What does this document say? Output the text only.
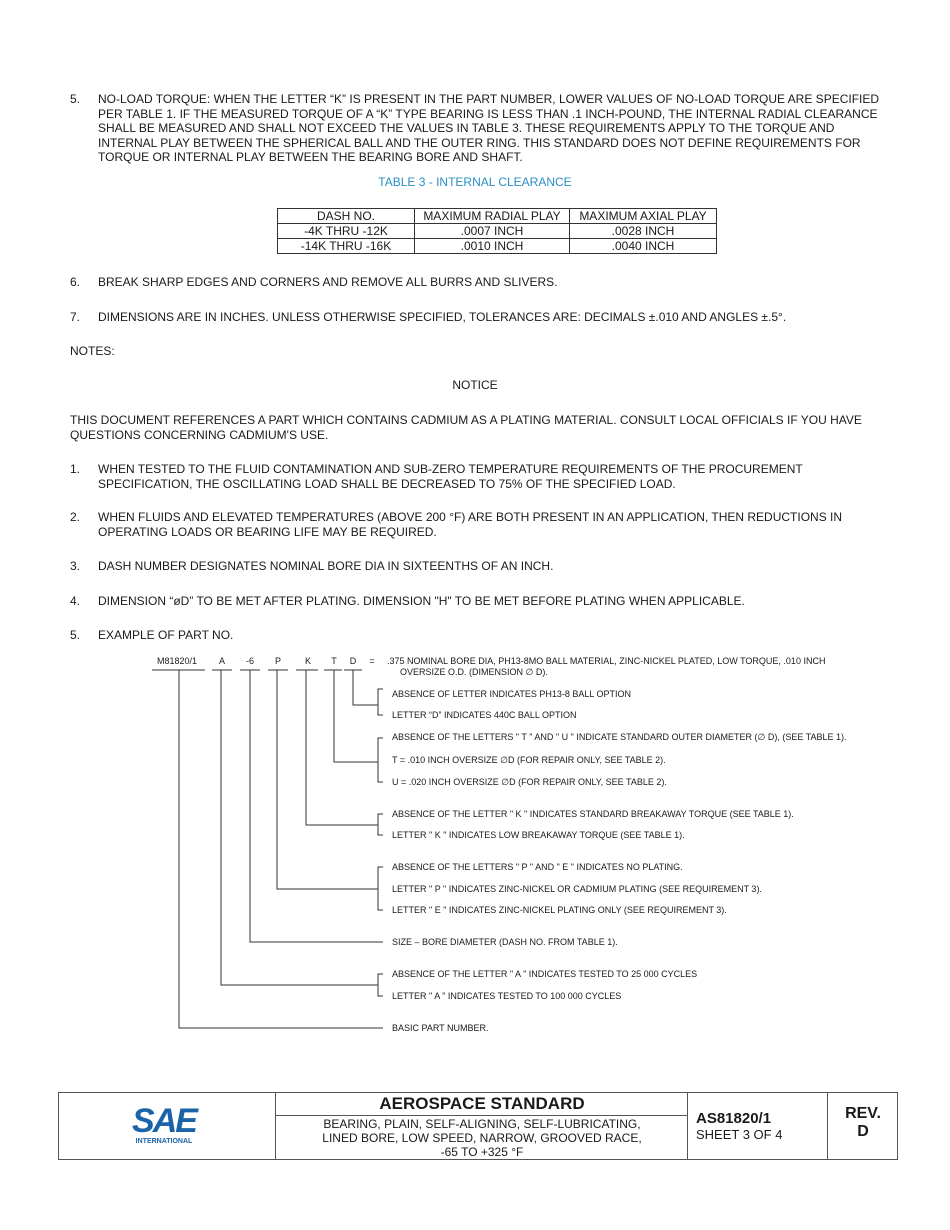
5. NO-LOAD TORQUE: WHEN THE LETTER “K” IS PRESENT IN THE PART NUMBER, LOWER VALUES OF NO-LOAD TORQUE ARE SPECIFIED PER TABLE 1. IF THE MEASURED TORQUE OF A “K” TYPE BEARING IS LESS THAN .1 INCH-POUND, THE INTERNAL RADIAL CLEARANCE SHALL BE MEASURED AND SHALL NOT EXCEED THE VALUES IN TABLE 3. THESE REQUIREMENTS APPLY TO THE TORQUE AND INTERNAL PLAY BETWEEN THE SPHERICAL BALL AND THE OUTER RING. THIS STANDARD DOES NOT DEFINE REQUIREMENTS FOR TORQUE OR INTERNAL PLAY BETWEEN THE BEARING BORE AND SHAFT.
TABLE 3 - INTERNAL CLEARANCE
DASH NO.	MAXIMUM RADIAL PLAY	MAXIMUM AXIAL PLAY
-4K THRU -12K	.0007 INCH	.0028 INCH
-14K THRU -16K	.0010 INCH	.0040 INCH
6. BREAK SHARP EDGES AND CORNERS AND REMOVE ALL BURRS AND SLIVERS.
7. DIMENSIONS ARE IN INCHES. UNLESS OTHERWISE SPECIFIED, TOLERANCES ARE: DECIMALS ±.010 AND ANGLES ±.5°.
NOTES:
NOTICE
THIS DOCUMENT REFERENCES A PART WHICH CONTAINS CADMIUM AS A PLATING MATERIAL. CONSULT LOCAL OFFICIALS IF YOU HAVE QUESTIONS CONCERNING CADMIUM'S USE.
1. WHEN TESTED TO THE FLUID CONTAMINATION AND SUB-ZERO TEMPERATURE REQUIREMENTS OF THE PROCUREMENT SPECIFICATION, THE OSCILLATING LOAD SHALL BE DECREASED TO 75% OF THE SPECIFIED LOAD.
2. WHEN FLUIDS AND ELEVATED TEMPERATURES (ABOVE 200 °F) ARE BOTH PRESENT IN AN APPLICATION, THEN REDUCTIONS IN OPERATING LOADS OR BEARING LIFE MAY BE REQUIRED.
3. DASH NUMBER DESIGNATES NOMINAL BORE DIA IN SIXTEENTHS OF AN INCH.
4. DIMENSION “øD” TO BE MET AFTER PLATING. DIMENSION "H" TO BE MET BEFORE PLATING WHEN APPLICABLE.
5. EXAMPLE OF PART NO.
M81820/1	A	-6	P	K	T	D	=	.375 NOMINAL BORE DIA, PH13-8MO BALL MATERIAL, ZINC-NICKEL PLATED, LOW TORQUE, .010 INCH
OVERSIZE O.D. (DIMENSION ∅ D).
ABSENCE OF LETTER INDICATES PH13-8 BALL OPTION
LETTER “D” INDICATES 440C BALL OPTION
ABSENCE OF THE LETTERS " T " AND " U " INDICATE STANDARD OUTER DIAMETER (∅ D), (SEE TABLE 1).
T = .010 INCH OVERSIZE ∅D (FOR REPAIR ONLY, SEE TABLE 2).
U = .020 INCH OVERSIZE ∅D (FOR REPAIR ONLY, SEE TABLE 2).
ABSENCE OF THE LETTER " K " INDICATES STANDARD BREAKAWAY TORQUE (SEE TABLE 1).
LETTER " K " INDICATES LOW BREAKAWAY TORQUE (SEE TABLE 1).
ABSENCE OF THE LETTERS " P " AND " E " INDICATES NO PLATING.
LETTER " P " INDICATES ZINC-NICKEL OR CADMIUM PLATING (SEE REQUIREMENT 3).
LETTER " E " INDICATES ZINC-NICKEL PLATING ONLY (SEE REQUIREMENT 3).
SIZE – BORE DIAMETER (DASH NO. FROM TABLE 1).
ABSENCE OF THE LETTER " A " INDICATES TESTED TO 25 000 CYCLES
LETTER " A " INDICATES TESTED TO 100 000 CYCLES
BASIC PART NUMBER.
SAE
INTERNATIONAL
AEROSPACE STANDARD
BEARING, PLAIN, SELF-ALIGNING, SELF-LUBRICATING, LINED BORE, LOW SPEED, NARROW, GROOVED RACE, -65 TO +325 °F
AS81820/1
SHEET 3 OF 4
REV.
D
